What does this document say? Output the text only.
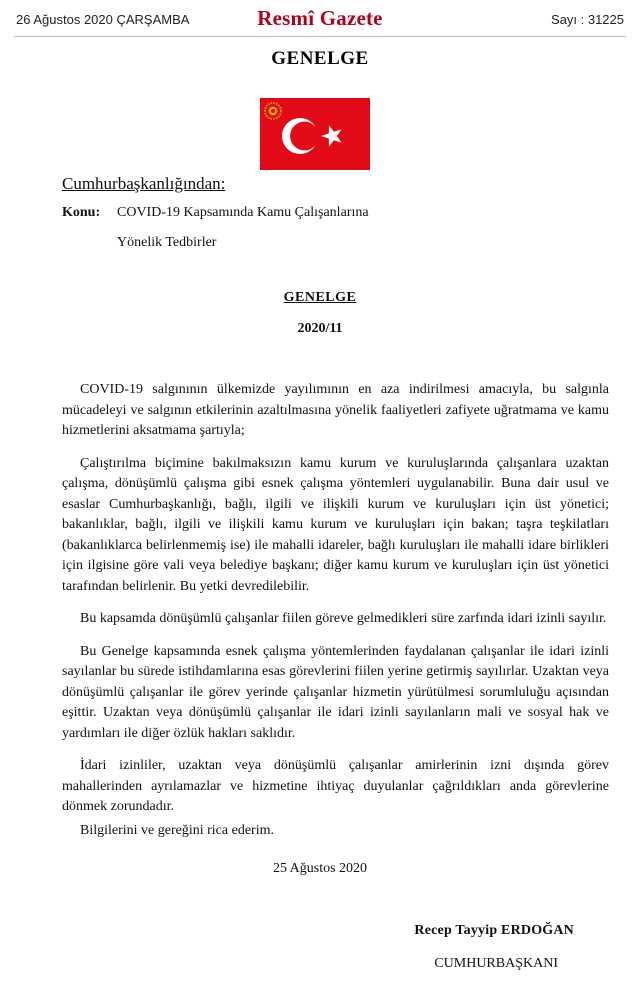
26 Ağustos 2020 ÇARŞAMBA	Resmî Gazete	Sayı : 31225
GENELGE
Cumhurbaşkanlığından:
Konu: COVID-19 Kapsamında Kamu Çalışanlarına
Yönelik Tedbirler
GENELGE
2020/11

COVID-19 salgınının ülkemizde yayılımının en aza indirilmesi amacıyla, bu salgınla mücadeleyi ve salgının etkilerinin azaltılmasına yönelik faaliyetleri zafiyete uğratmama ve kamu hizmetlerini aksatmama şartıyla;

Çalıştırılma biçimine bakılmaksızın kamu kurum ve kuruluşlarında çalışanlara uzaktan çalışma, dönüşümlü çalışma gibi esnek çalışma yöntemleri uygulanabilir. Buna dair usul ve esaslar Cumhurbaşkanlığı, bağlı, ilgili ve ilişkili kurum ve kuruluşları için üst yönetici; bakanlıklar, bağlı, ilgili ve ilişkili kamu kurum ve kuruluşları için bakan; taşra teşkilatları (bakanlıklarca belirlenmemiş ise) ile mahalli idareler, bağlı kuruluşları ile mahalli idare birlikleri için ilgisine göre vali veya belediye başkanı; diğer kamu kurum ve kuruluşları için üst yönetici tarafından belirlenir. Bu yetki devredilebilir.

Bu kapsamda dönüşümlü çalışanlar fiilen göreve gelmedikleri süre zarfında idari izinli sayılır.

Bu Genelge kapsamında esnek çalışma yöntemlerinden faydalanan çalışanlar ile idari izinli sayılanlar bu sürede istihdamlarına esas görevlerini fiilen yerine getirmiş sayılırlar. Uzaktan veya dönüşümlü çalışanlar ile görev yerinde çalışanlar hizmetin yürütülmesi sorumluluğu açısından eşittir. Uzaktan veya dönüşümlü çalışanlar ile idari izinli sayılanların mali ve sosyal hak ve yardımları ile diğer özlük hakları saklıdır.

İdari izinliler, uzaktan veya dönüşümlü çalışanlar amirlerinin izni dışında görev mahallerinden ayrılamazlar ve hizmetine ihtiyaç duyulanlar çağrıldıkları anda görevlerine dönmek zorundadır.

Bilgilerini ve gereğini rica ederim.
25 Ağustos 2020
Recep Tayyip ERDOĞAN
CUMHURBAŞKANI
